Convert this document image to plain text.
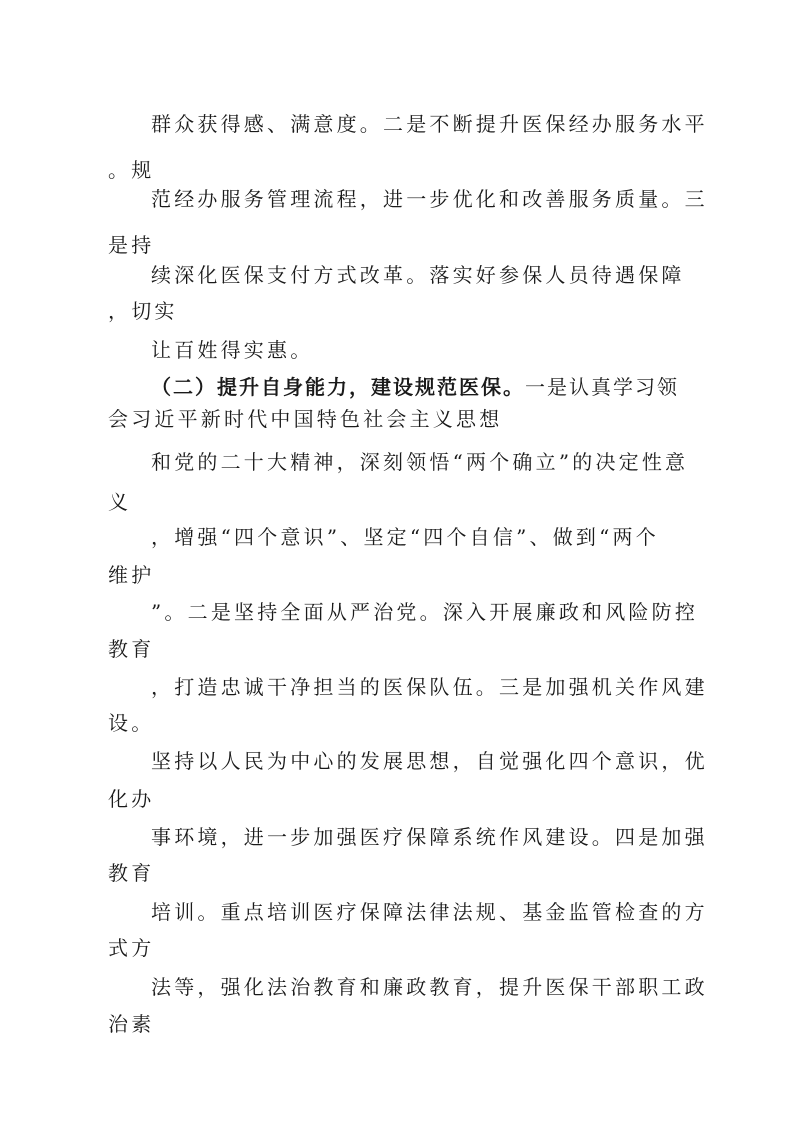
群众获得感、满意度。二是不断提升医保经办服务水平

。规

范经办服务管理流程，进一步优化和改善服务质量。三

是持

续深化医保支付方式改革。落实好参保人员待遇保障

，切实

让百姓得实惠。

（二）提升自身能力，建设规范医保。一是认真学习领

会习近平新时代中国特色社会主义思想

和党的二十大精神，深刻领悟“两个确立”的决定性意

义

，增强“四个意识”、坚定“四个自信”、做到“两个

维护

”。二是坚持全面从严治党。深入开展廉政和风险防控

教育

，打造忠诚干净担当的医保队伍。三是加强机关作风建

设。

坚持以人民为中心的发展思想，自觉强化四个意识，优

化办

事环境，进一步加强医疗保障系统作风建设。四是加强

教育

培训。重点培训医疗保障法律法规、基金监管检查的方

式方

法等，强化法治教育和廉政教育，提升医保干部职工政

治素
